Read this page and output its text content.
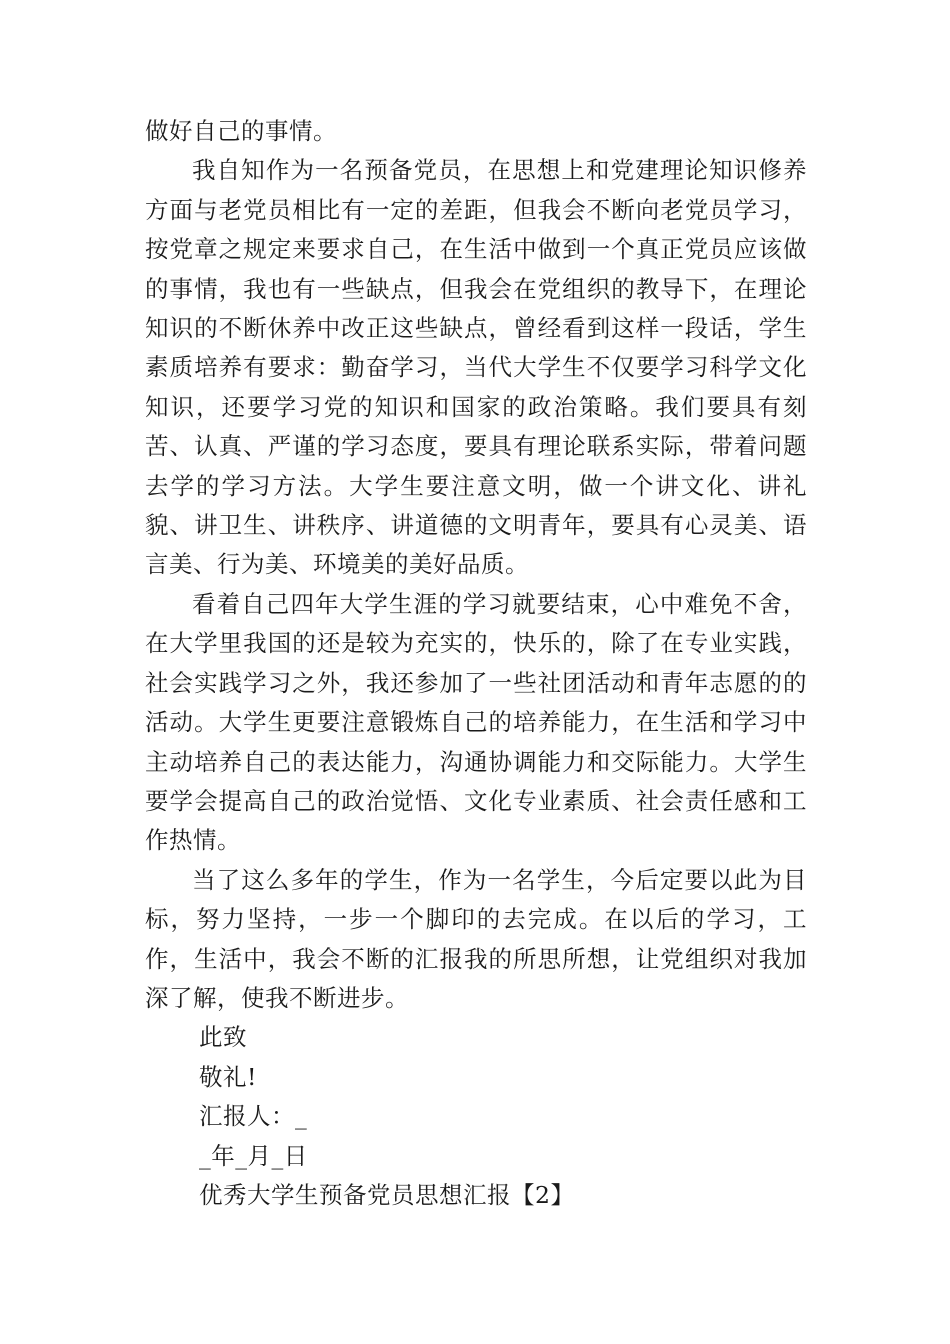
做好自己的事情。

我自知作为一名预备党员，在思想上和党建理论知识修养方面与老党员相比有一定的差距，但我会不断向老党员学习，按党章之规定来要求自己，在生活中做到一个真正党员应该做的事情，我也有一些缺点，但我会在党组织的教导下，在理论知识的不断休养中改正这些缺点，曾经看到这样一段话，学生素质培养有要求：勤奋学习，当代大学生不仅要学习科学文化知识，还要学习党的知识和国家的政治策略。我们要具有刻苦、认真、严谨的学习态度，要具有理论联系实际，带着问题去学的学习方法。大学生要注意文明，做一个讲文化、讲礼貌、讲卫生、讲秩序、讲道德的文明青年，要具有心灵美、语言美、行为美、环境美的美好品质。

看着自己四年大学生涯的学习就要结束，心中难免不舍，在大学里我国的还是较为充实的，快乐的，除了在专业实践，社会实践学习之外，我还参加了一些社团活动和青年志愿的的活动。大学生更要注意锻炼自己的培养能力，在生活和学习中主动培养自己的表达能力，沟通协调能力和交际能力。大学生要学会提高自己的政治觉悟、文化专业素质、社会责任感和工作热情。

当了这么多年的学生，作为一名学生，今后定要以此为目标，努力坚持，一步一个脚印的去完成。在以后的学习，工作，生活中，我会不断的汇报我的所思所想，让党组织对我加深了解，使我不断进步。

此致

敬礼!

汇报人：_

_年_月_日

优秀大学生预备党员思想汇报【2】
